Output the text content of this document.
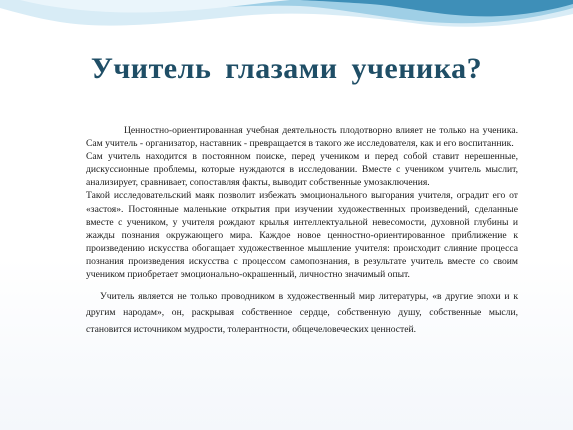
Учитель глазами ученика?

Ценностно-ориентированная учебная деятельность плодотворно влияет не только на ученика. Сам учитель - организатор, наставник - превращается в такого же исследователя, как и его воспитанник.

Сам учитель находится в постоянном поиске, перед учеником и перед собой ставит нерешенные, дискуссионные проблемы, которые нуждаются в исследовании. Вместе с учеником учитель мыслит, анализирует, сравнивает, сопоставляя факты, выводит собственные умозаключения.

Такой исследовательский маяк позволит избежать эмоционального выгорания учителя, оградит его от «застоя». Постоянные маленькие открытия при изучении художественных произведений, сделанные вместе с учеником, у учителя рождают крылья интеллектуальной невесомости, духовной глубины и жажды познания окружающего мира. Каждое новое ценностно-ориентированное приближение к произведению искусства обогащает художественное мышление учителя: происходит слияние процесса познания произведения искусства с процессом самопознания, в результате учитель вместе со своим учеником приобретает эмоционально-окрашенный, личностно значимый опыт.

Учитель является не только проводником в художественный мир литературы, «в другие эпохи и к другим народам», он, раскрывая собственное сердце, собственную душу, собственные мысли, становится источником мудрости, толерантности, общечеловеческих ценностей.
